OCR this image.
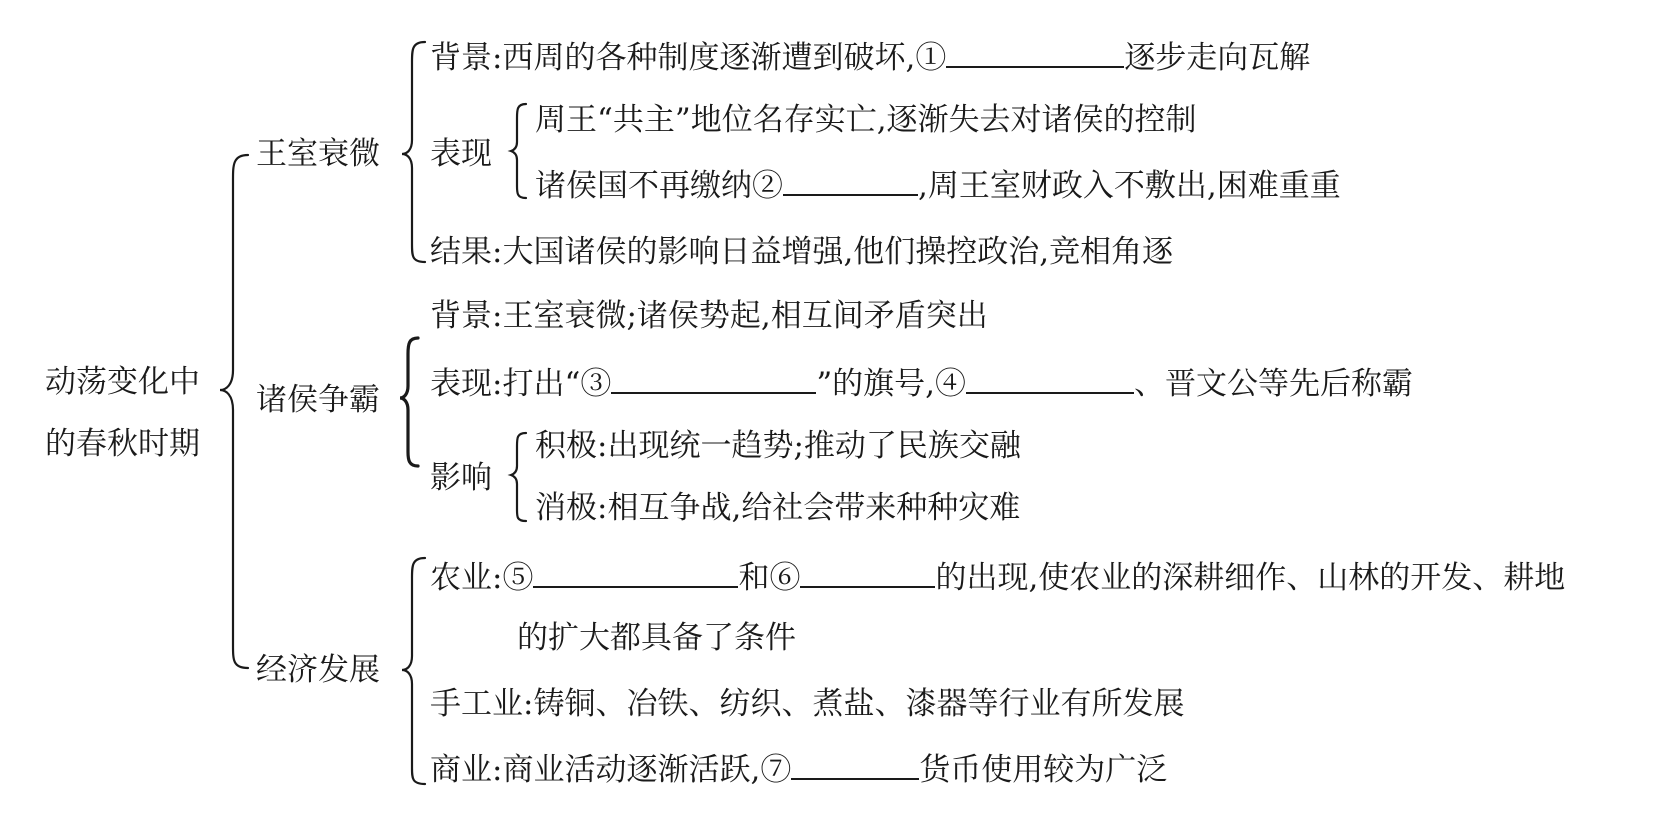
动荡变化中
的春秋时期
王室衰微
背景:西周的各种制度逐渐遭到破坏,①	逐步走向瓦解
表现
周王“共主”地位名存实亡,逐渐失去对诸侯的控制
诸侯国不再缴纳②	,周王室财政入不敷出,困难重重
结果:大国诸侯的影响日益增强,他们操控政治,竞相角逐
诸侯争霸
背景:王室衰微;诸侯势起,相互间矛盾突出
表现:打出“③	”的旗号,④	、晋文公等先后称霸
影响
积极:出现统一趋势;推动了民族交融
消极:相互争战,给社会带来种种灾难
经济发展
农业:⑤	和⑥	的出现,使农业的深耕细作、山林的开发、耕地
的扩大都具备了条件
手工业:铸铜、冶铁、纺织、煮盐、漆器等行业有所发展
商业:商业活动逐渐活跃,⑦	货币使用较为广泛
